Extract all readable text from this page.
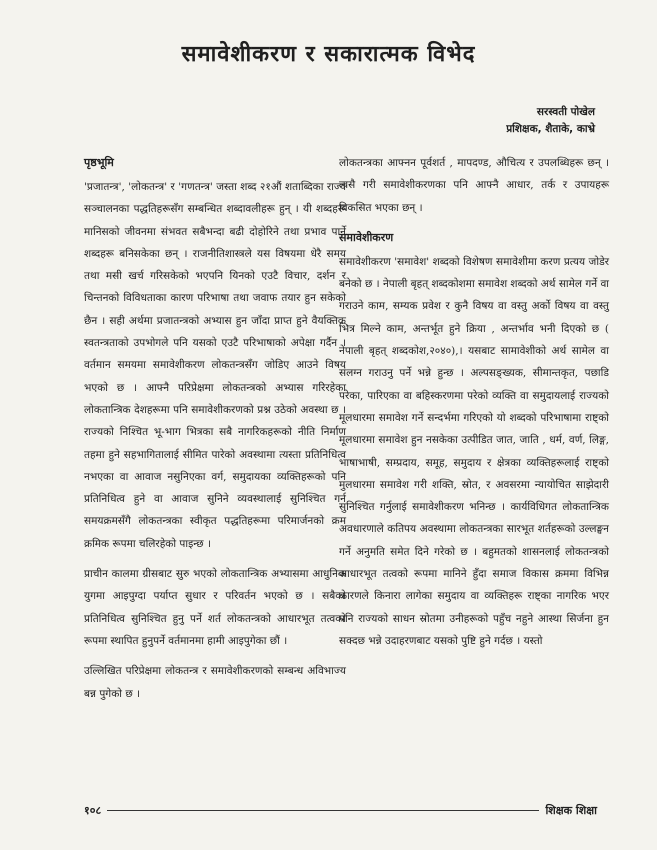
समावेशीकरण र सकारात्मक विभेद
सरस्वती पोखेल
प्रशिक्षक, शैताके, काभ्रे
पृष्ठभूमि

'प्रजातन्त्र', 'लोकतन्त्र' र 'गणतन्त्र' जस्ता शब्द २१औं शताब्दिका राज्य सञ्चालनका पद्धतिहरूसँग सम्बन्धित शब्दावलीहरू हुन् । यी शब्दहरू मानिसको जीवनमा संभवत सबैभन्दा बढी दोहोरिने तथा प्रभाव पार्ने शब्दहरू बनिसकेका छन् । राजनीतिशास्त्रले यस विषयमा धेरै समय तथा मसी खर्च गरिसकेको भएपनि यिनको एउटै विचार, दर्शन र चिन्तनको विविधताका कारण परिभाषा तथा जवाफ तयार हुन सकेको छैन । सही अर्थमा प्रजातन्त्रको अभ्यास हुन जाँदा प्राप्त हुने वैयक्तिक स्वतन्त्रताको उपभोगले पनि यसको एउटै परिभाषाको अपेक्षा गर्दैन । वर्तमान समयमा समावेशीकरण लोकतन्त्रसँग जोडिए आउने विषय भएको छ । आफ्नै परिप्रेक्षमा लोकतन्त्रको अभ्यास गरिरहेका लोकतान्त्रिक देशहरूमा पनि समावेशीकरणको प्रश्न उठेको अवस्था छ । राज्यको निश्चित भू-भाग भित्रका सबै नागरिकहरूको नीति निर्माण तहमा हुने सहभागितालाई सीमित पारेको अवस्थामा त्यस्ता प्रतिनिधित्व नभएका वा आवाज नसुनिएका वर्ग, समुदायका व्यक्तिहरूको पनि प्रतिनिधित्व हुने वा आवाज सुनिने व्यवस्थालाई सुनिश्चित गर्न समयक्रमसँगै लोकतन्त्रका स्वीकृत पद्धतिहरूमा परिमार्जनको क्रम क्रमिक रूपमा चलिरहेको पाइन्छ ।

प्राचीन कालमा ग्रीसबाट सुरु भएको लोकतान्त्रिक अभ्यासमा आधुनिक युगमा आइपुग्दा पर्याप्त सुधार र परिवर्तन भएको छ । सबैको प्रतिनिधित्व सुनिश्चित हुनु पर्ने शर्त लोकतन्त्रको आधारभूत तत्वको रूपमा स्थापित हुनुपर्ने वर्तमानमा हामी आइपुगेका छौं ।

उल्लिखित परिप्रेक्षमा लोकतन्त्र र समावेशीकरणको सम्बन्ध अविभाज्य बन्न पुगेको छ ।

लोकतन्त्रका आफ्नन पूर्वशर्त , मापदण्ड, औचित्य र उपलब्धिहरू छन् । त्यसै गरी समावेशीकरणका पनि आफ्नै आधार, तर्क र उपायहरू विकसित भएका छन् ।

समावेशीकरण

समावेशीकरण 'समावेश' शब्दको विशेषण समावेशीमा करण प्रत्यय जोडेर बनेको छ । नेपाली बृहत् शब्दकोशमा समावेश शब्दको अर्थ सामेल गर्ने वा गराउने काम, सम्यक प्रवेश र कुनै विषय वा वस्तु अर्को विषय वा वस्तु भित्र मिल्ने काम, अन्तर्भूत हुने क्रिया , अन्तर्भाव भनी दिएको छ ( नेपाली बृहत् शब्दकोश,२०४०),। यसबाट सामावेशीको अर्थ सामेल वा संलग्न गराउनु पर्ने भन्ने हुन्छ । अल्पसङ्ख्यक, सीमान्तकृत, पछाडि परेका, पारिएका वा बहिस्करणमा परेको व्यक्ति वा समुदायलाई राज्यको मूलधारमा समावेश गर्ने सन्दर्भमा गरिएको यो शब्दको परिभाषामा राष्ट्को मूलधारमा समावेश हुन नसकेका उत्पीडित जात, जाति , धर्म, वर्ण, लिङ्ग, भाषाभाषी, सम्प्रदाय, समूह, समुदाय र क्षेत्रका व्यक्तिहरूलाई राष्ट्को मुलधारमा समावेश गरी शक्ति, स्रोत, र अवसरमा न्यायोचित साझेदारी सुनिश्चित गर्नुलाई समावेशीकरण भनिन्छ । कार्यविधिगत लोकतान्त्रिक अवधारणाले कतिपय अवस्थामा लोकतन्त्रका सारभूत शर्तहरूको उल्लङ्घन गर्ने अनुमति समेत दिने गरेको छ । बहुमतको शासनलाई लोकतन्त्रको आधारभूत तत्वको रूपमा मानिने हुँदा समाज विकास क्रममा विभिन्न कारणले किनारा लागेका समुदाय वा व्यक्तिहरू राष्ट्का नागरिक भएर पनि राज्यको साधन स्रोतमा उनीहरूको पहुँच नहुने आस्था सिर्जना हुन सक्दछ भन्ने उदाहरणबाट यसको पुष्टि हुने गर्दछ । यस्तो

१०८	शिक्षक शिक्षा
